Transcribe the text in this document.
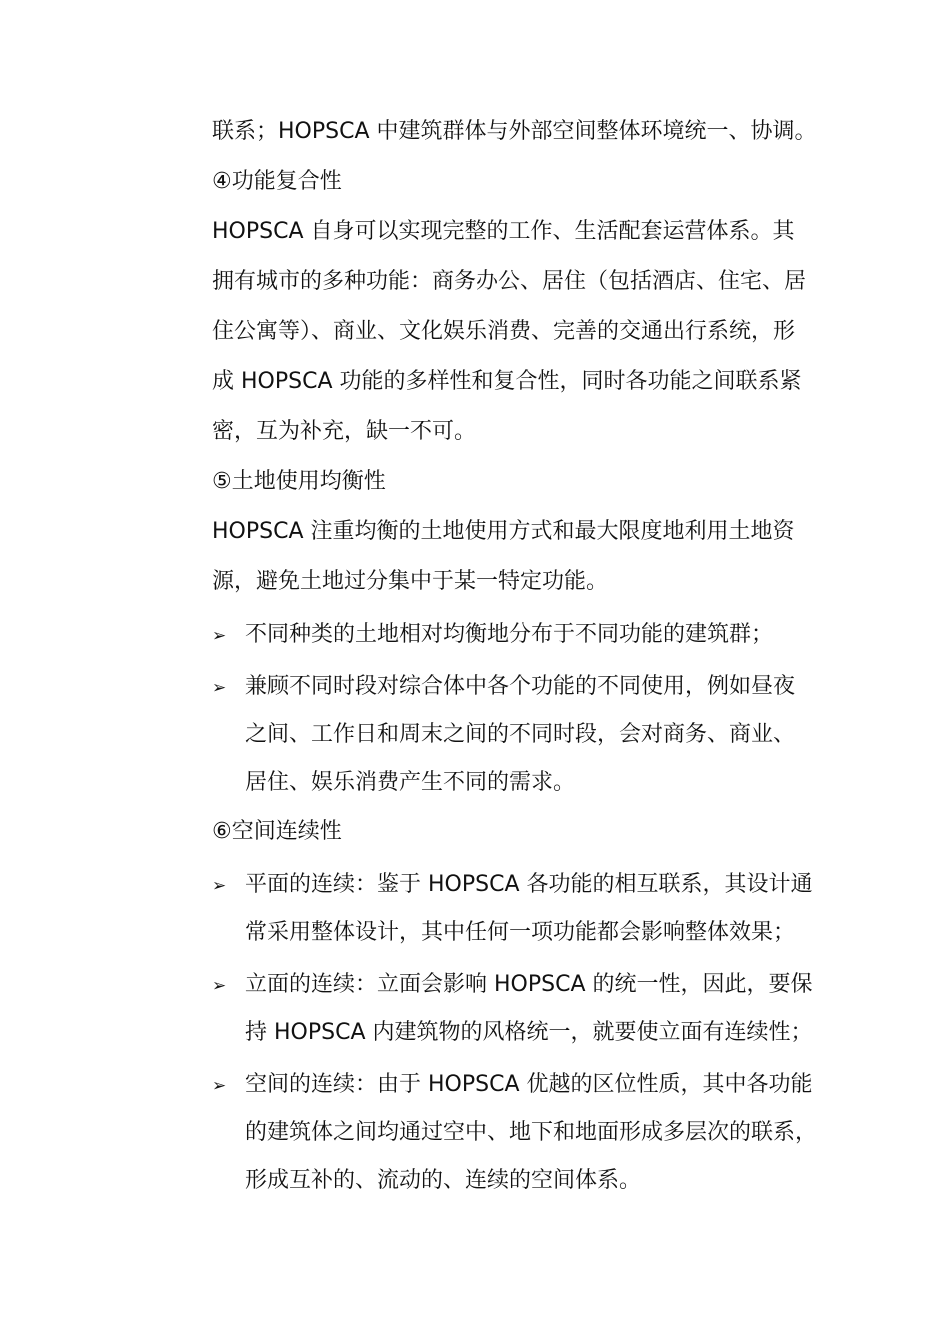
联系；HOPSCA 中建筑群体与外部空间整体环境统一、协调。
④功能复合性
HOPSCA 自身可以实现完整的工作、生活配套运营体系。其
拥有城市的多种功能：商务办公、居住（包括酒店、住宅、居
住公寓等）、商业、文化娱乐消费、完善的交通出行系统，形
成 HOPSCA 功能的多样性和复合性，同时各功能之间联系紧
密，互为补充，缺一不可。
⑤土地使用均衡性
HOPSCA 注重均衡的土地使用方式和最大限度地利用土地资
源，避免土地过分集中于某一特定功能。
➢ 不同种类的土地相对均衡地分布于不同功能的建筑群；
➢ 兼顾不同时段对综合体中各个功能的不同使用，例如昼夜
之间、工作日和周末之间的不同时段，会对商务、商业、
居住、娱乐消费产生不同的需求。
⑥空间连续性
➢ 平面的连续：鉴于 HOPSCA 各功能的相互联系，其设计通
常采用整体设计，其中任何一项功能都会影响整体效果；
➢ 立面的连续：立面会影响 HOPSCA 的统一性，因此，要保
持 HOPSCA 内建筑物的风格统一，就要使立面有连续性；
➢ 空间的连续：由于 HOPSCA 优越的区位性质，其中各功能
的建筑体之间均通过空中、地下和地面形成多层次的联系，
形成互补的、流动的、连续的空间体系。
